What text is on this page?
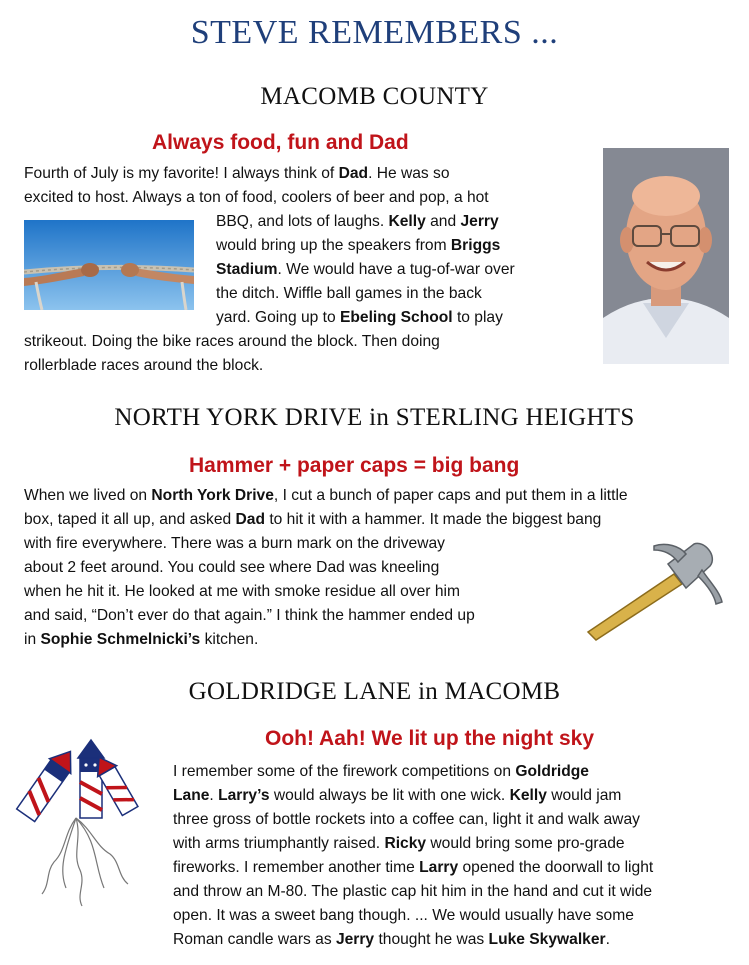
STEVE REMEMBERS ...
MACOMB COUNTY
Always food, fun and Dad
Fourth of July is my favorite! I always think of Dad. He was so
excited to host. Always a ton of food, coolers of beer and pop, a hot
BBQ, and lots of laughs. Kelly and Jerry
would bring up the speakers from Briggs
Stadium. We would have a tug-of-war over
the ditch. Wiffle ball games in the back
yard. Going up to Ebeling School to play
strikeout. Doing the bike races around the block. Then doing
rollerblade races around the block.
NORTH YORK DRIVE in STERLING HEIGHTS
Hammer + paper caps = big bang
When we lived on North York Drive, I cut a bunch of paper caps and put them in a little
box, taped it all up, and asked Dad to hit it with a hammer. It made the biggest bang
with fire everywhere. There was a burn mark on the driveway
about 2 feet around. You could see where Dad was kneeling
when he hit it. He looked at me with smoke residue all over him
and said, “Don’t ever do that again.” I think the hammer ended up
in Sophie Schmelnicki’s kitchen.
GOLDRIDGE LANE in MACOMB
Ooh! Aah! We lit up the night sky
I remember some of the firework competitions on Goldridge
Lane. Larry’s would always be lit with one wick. Kelly would jam
three gross of bottle rockets into a coffee can, light it and walk away
with arms triumphantly raised. Ricky would bring some pro-grade
fireworks. I remember another time Larry opened the doorwall to light
and throw an M-80. The plastic cap hit him in the hand and cut it wide
open. It was a sweet bang though. ... We would usually have some
Roman candle wars as Jerry thought he was Luke Skywalker.
